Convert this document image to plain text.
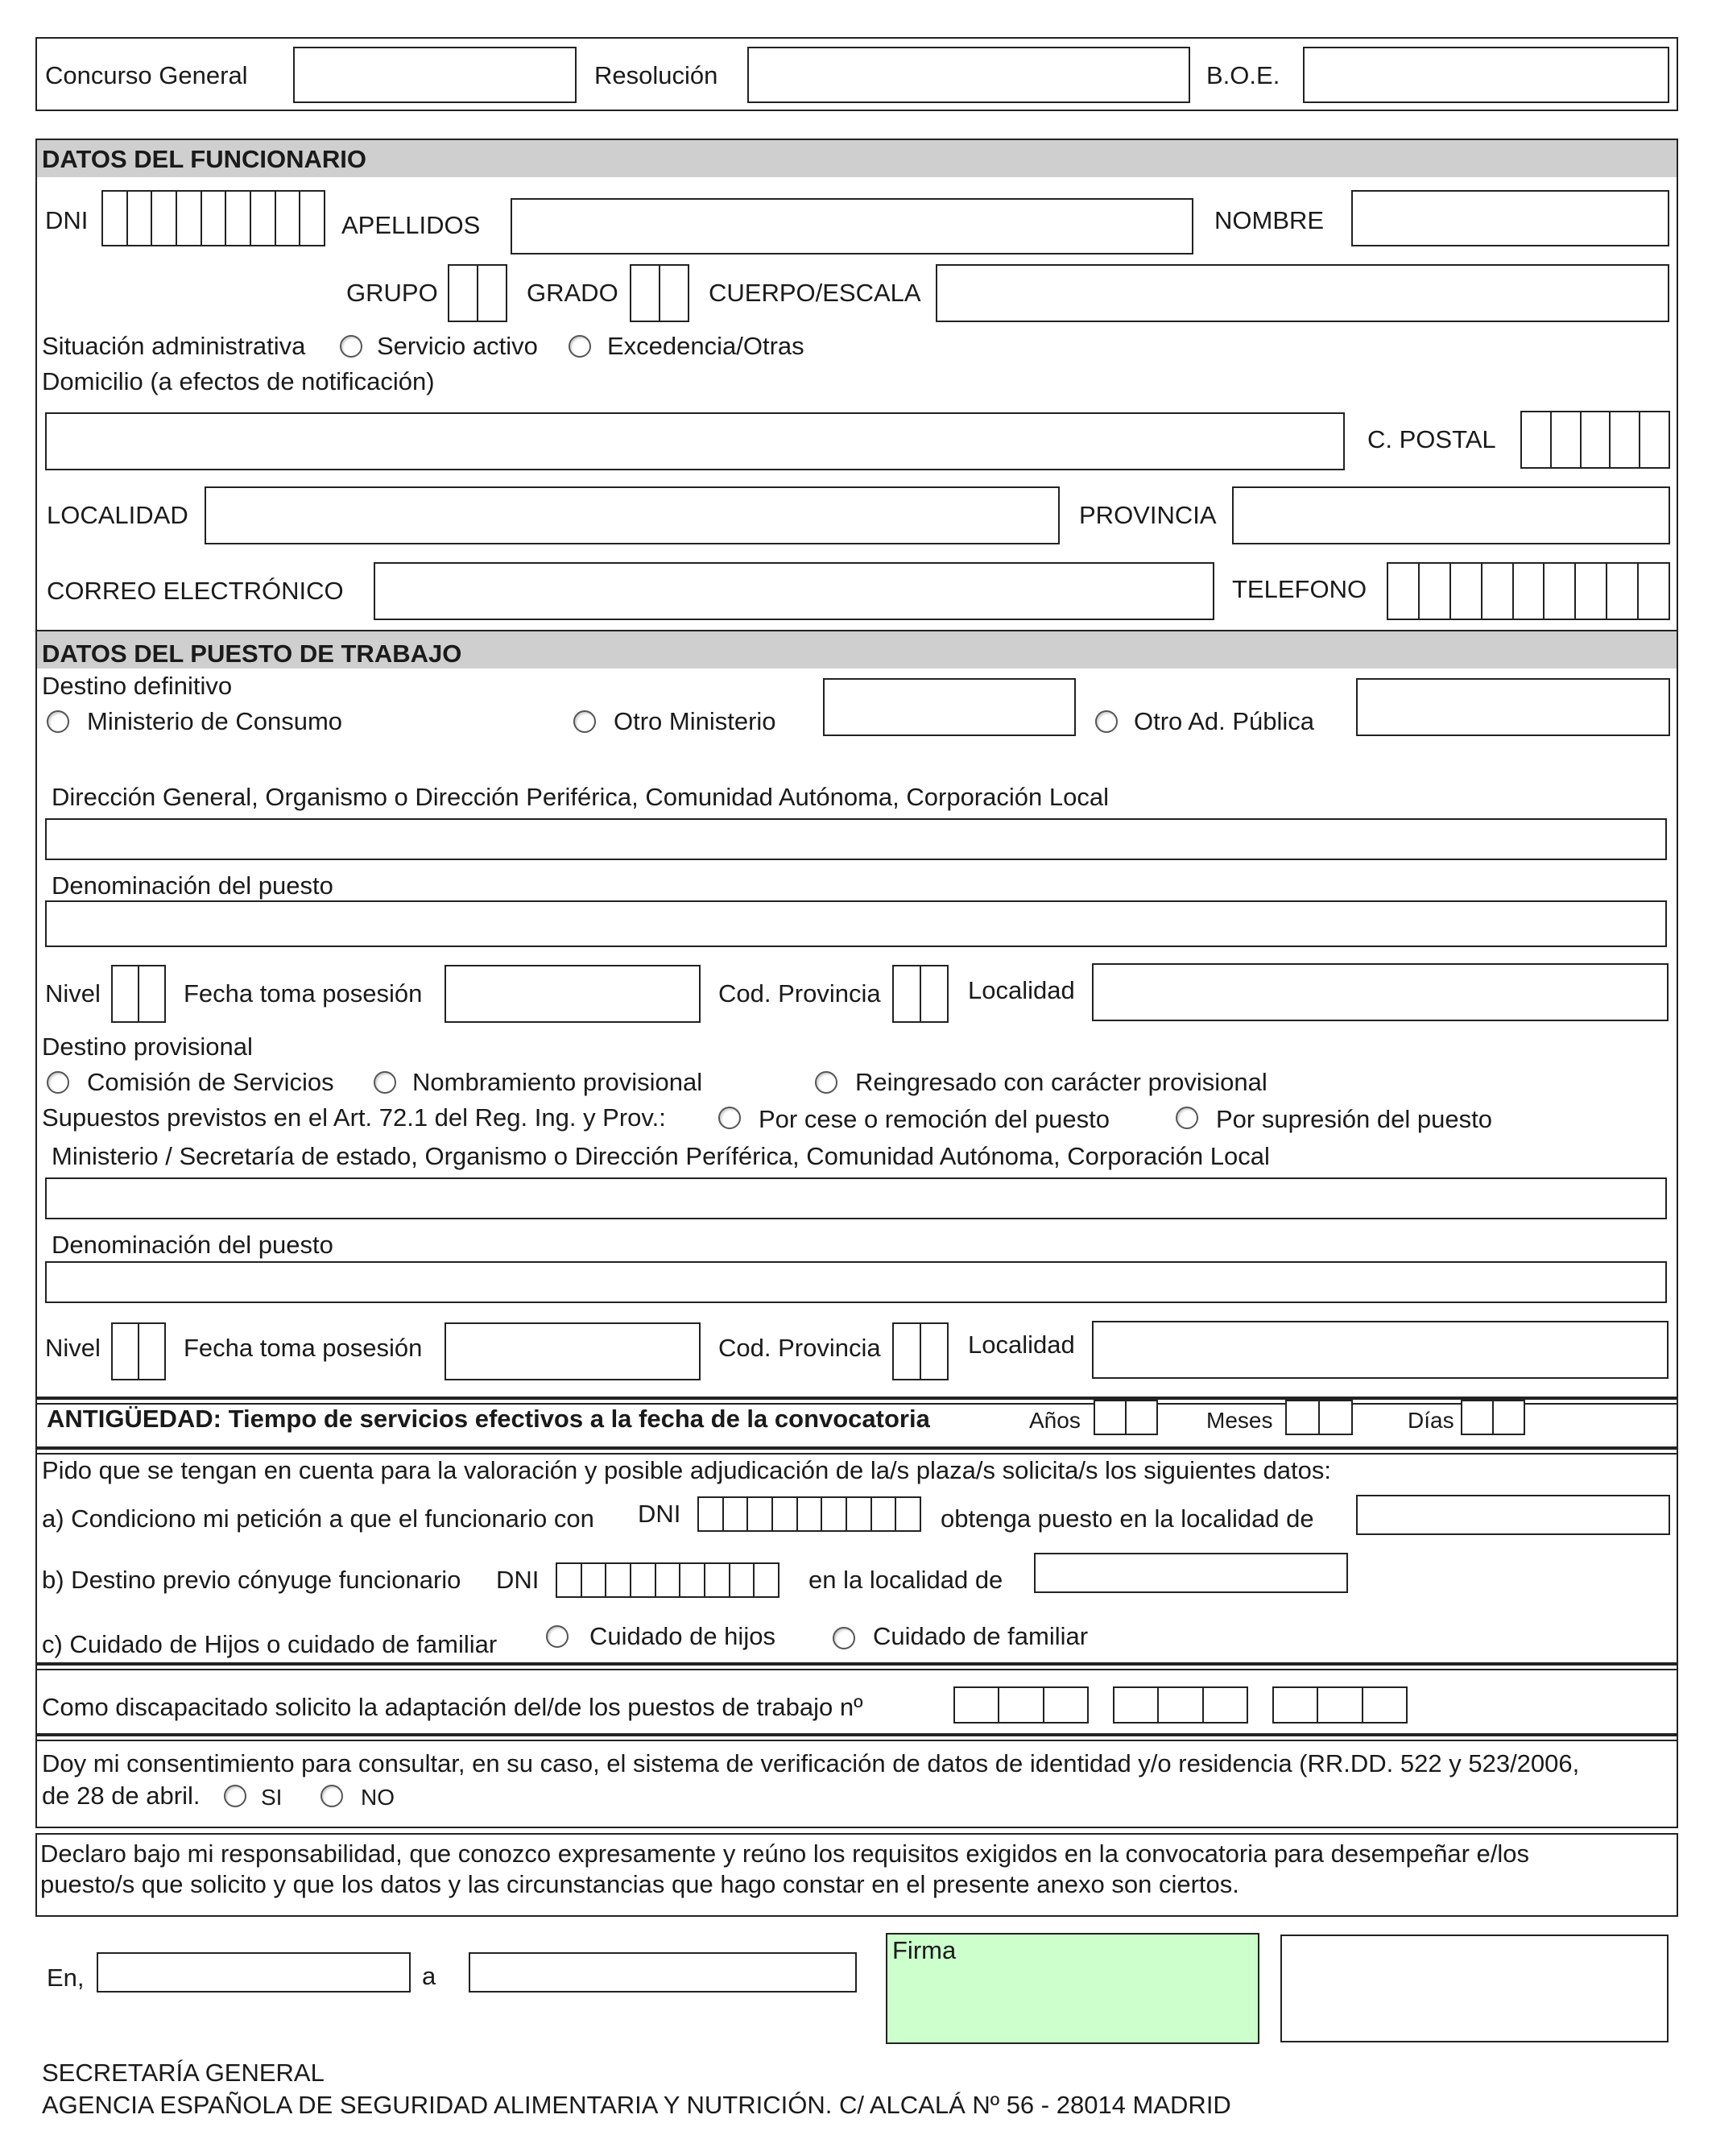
Concurso General	Resolución	B.O.E.
DATOS DEL FUNCIONARIO
DNI	APELLIDOS	NOMBRE
GRUPO	GRADO	CUERPO/ESCALA
Situación administrativa	Servicio activo	Excedencia/Otras
Domicilio (a efectos de notificación)
C. POSTAL
LOCALIDAD	PROVINCIA
CORREO ELECTRÓNICO	TELEFONO
DATOS DEL PUESTO DE TRABAJO
Destino definitivo
Ministerio de Consumo	Otro Ministerio	Otro Ad. Pública
Dirección General, Organismo o Dirección Periférica, Comunidad Autónoma, Corporación Local
Denominación del puesto
Nivel	Fecha toma posesión	Cod. Provincia	Localidad
Destino provisional
Comisión de Servicios	Nombramiento provisional	Reingresado con carácter provisional
Supuestos previstos en el Art. 72.1 del Reg. Ing. y Prov.:	Por cese o remoción del puesto	Por supresión del puesto
Ministerio / Secretaría de estado, Organismo o Dirección Períférica, Comunidad Autónoma, Corporación Local
Denominación del puesto
Nivel	Fecha toma posesión	Cod. Provincia	Localidad
ANTIGÜEDAD: Tiempo de servicios efectivos a la fecha de la convocatoria	Años	Meses	Días
Pido que se tengan en cuenta para la valoración y posible adjudicación de la/s plaza/s solicita/s los siguientes datos:
a) Condiciono mi petición a que el funcionario con DNI	obtenga puesto en la localidad de
b) Destino previo cónyuge funcionario DNI	en la localidad de
c) Cuidado de Hijos o cuidado de familiar	Cuidado de hijos	Cuidado de familiar
Como discapacitado solicito la adaptación del/de los puestos de trabajo nº
Doy mi consentimiento para consultar, en su caso, el sistema de verificación de datos de identidad y/o residencia (RR.DD. 522 y 523/2006,
de 28 de abril.	SI	NO
Declaro bajo mi responsabilidad, que conozco expresamente y reúno los requisitos exigidos en la convocatoria para desempeñar e/los
puesto/s que solicito y que los datos y las circunstancias que hago constar en el presente anexo son ciertos.
En,	a
Firma
SECRETARÍA GENERAL
AGENCIA ESPAÑOLA DE SEGURIDAD ALIMENTARIA Y NUTRICIÓN. C/ ALCALÁ Nº 56 - 28014 MADRID
